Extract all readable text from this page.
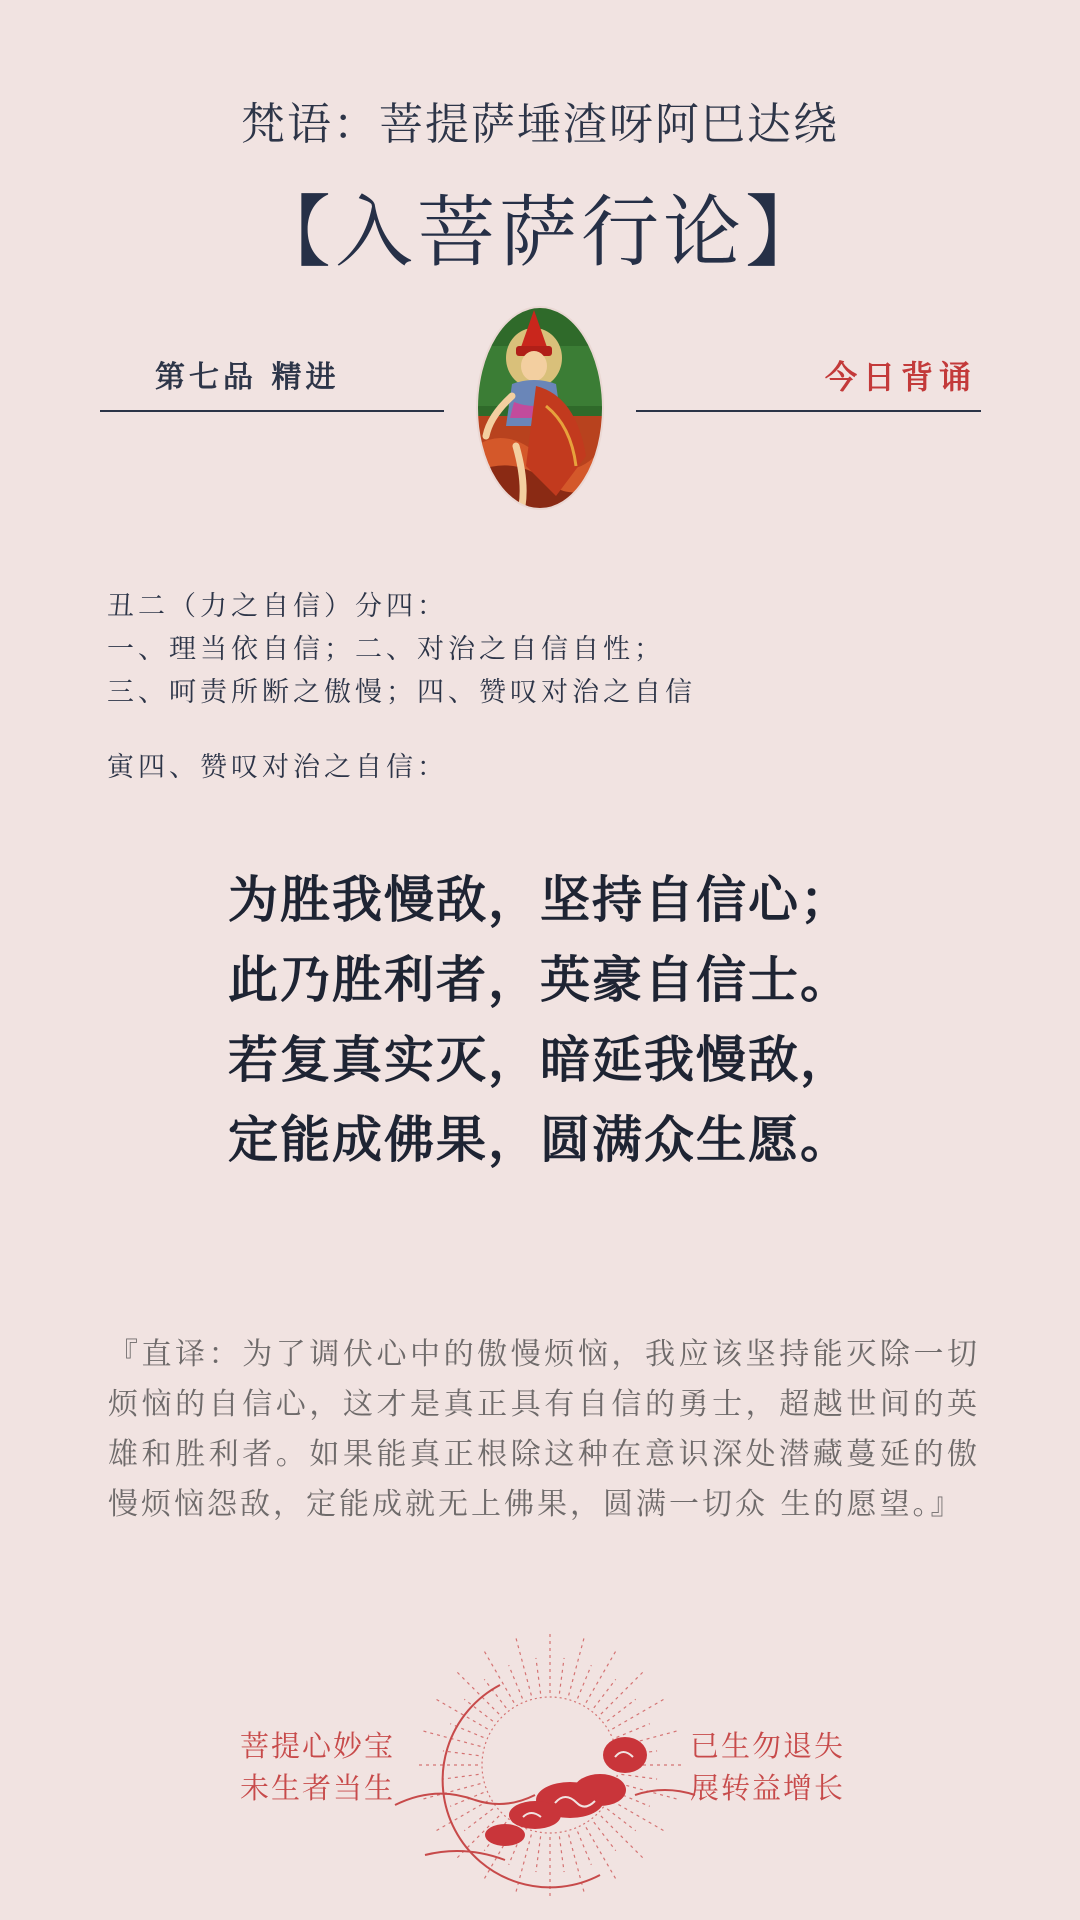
梵语：菩提萨埵渣呀阿巴达绕
【入菩萨行论】
第七品 精进	今日背诵
丑二（力之自信）分四：
一、理当依自信；二、对治之自信自性；
三、呵责所断之傲慢；四、赞叹对治之自信
寅四、赞叹对治之自信：
为胜我慢敌，坚持自信心；
此乃胜利者，英豪自信士。
若复真实灭，暗延我慢敌，
定能成佛果，圆满众生愿。
『直译：为了调伏心中的傲慢烦恼，我应该坚持能灭除一切烦恼的自信心，这才是真正具有自信的勇士，超越世间的英雄和胜利者。如果能真正根除这种在意识深处潜藏蔓延的傲慢烦恼怨敌，定能成就无上佛果，圆满一切众 生的愿望。』
菩提心妙宝
未生者当生
已生勿退失
展转益增长
